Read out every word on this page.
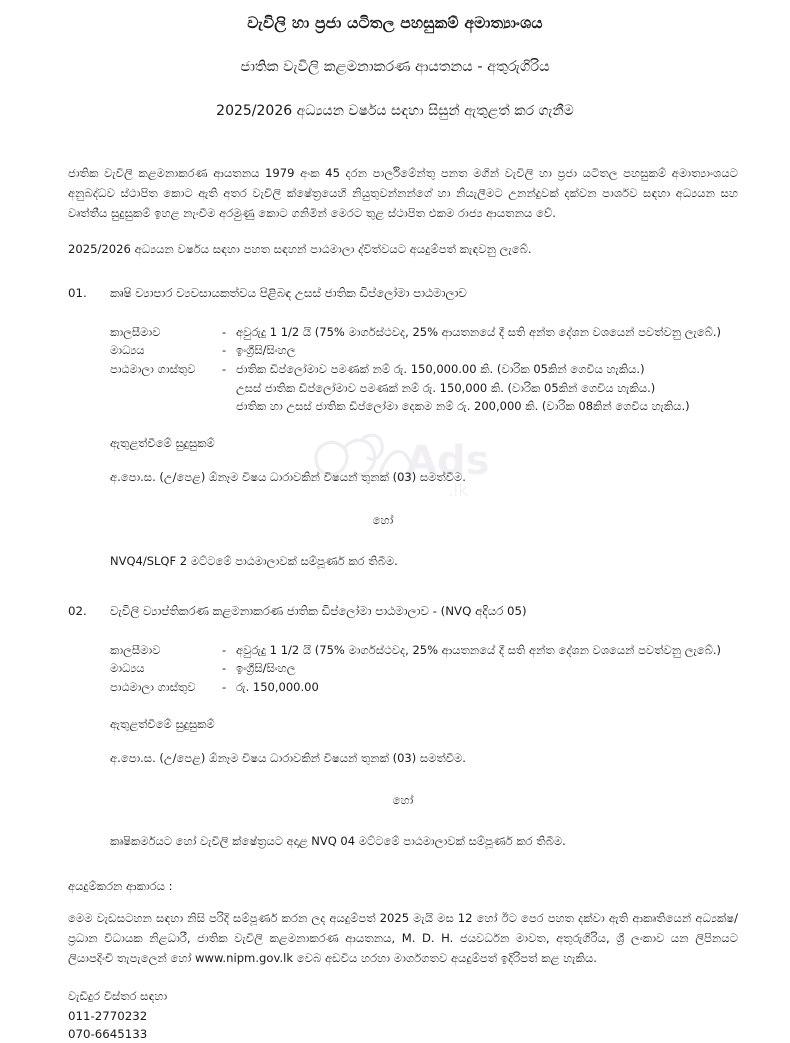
Ads
.lk
වැවිලි හා ප්‍රජා යටිතල පහසුකම් අමාත්‍යාංශය
ජාතික වැවිලි කළමනාකරණ ආයතනය - අතුරුගිරිය
2025/2026 අධ්‍යයන වර්ෂය සඳහා සිසුන් ඇතුළත් කර ගැනීම

ජාතික වැවිලි කළමනාකරණ ආයතනය 1979 අංක 45 දරන පාර්ලිමේන්තු පනත මගින් වැවිලි හා ප්‍රජා යටිතල පහසුකම් අමාත්‍යාංශයට අනුබද්ධව ස්ථාපිත කොට ඇති අතර වැවිලි ක්ෂේත්‍රයෙහි නියුතුවන්නන්ගේ හා නියැලීමට උනන්දුවක් දක්වන පාර්ශව සඳහා අධ්‍යයන සහ වෘත්තීය සුදුසුකම් ඉහළ නැංවීම අරමුණු කොට ගනිමින් මෙරට තුළ ස්ථාපිත එකම රාජ්‍ය ආයතනය වේ.

2025/2026 අධ්‍යයන වර්ෂය සඳහා පහත සඳහන් පාඨමාලා ද්විත්වයට අයදුම්පත් කැඳවනු ලැබේ.

01.	කෘෂි ව්‍යාපාර ව්‍යවසායකත්වය පිළිබඳ උසස් ජාතික ඩිප්ලෝමා පාඨමාලාව
කාලසීමාව	- අවුරුදු 1 1/2 යි (75% මාර්ගස්ථවද, 25% ආයතනයේ දී සති අන්ත දේශන වශයෙන් පවත්වනු ලැබේ.)
මාධ්‍යය	- ඉංග්‍රීසි/සිංහල
පාඨමාලා ගාස්තුව	- ජාතික ඩිප්ලෝමාව පමණක් නම් රු. 150,000.00 කි. (වාරික 05කින් ගෙවිය හැකිය.)
උසස් ජාතික ඩිප්ලෝමාව පමණක් නම් රු. 150,000 කි. (වාරික 05කින් ගෙවිය හැකිය.)
ජාතික හා උසස් ජාතික ඩිප්ලෝමා දෙකම නම් රු. 200,000 කි. (වාරික 08කින් ගෙවිය හැකිය.)
ඇතුළත්වීමේ සුදුසුකම්
අ.පො.ස. (උ/පෙළ) ඕනෑම විෂය ධාරාවකින් විෂයන් තුනක් (03) සමත්වීම.
හෝ
NVQ4/SLQF 2 මට්ටමේ පාඨමාලාවක් සම්පූර්ණ කර තිබීම.
02.	වැවිලි ව්‍යාප්තිකරණ කළමනාකරණ ජාතික ඩිප්ලෝමා පාඨමාලාව - (NVQ අදියර 05)
කාලසීමාව	- අවුරුදු 1 1/2 යි (75% මාර්ගස්ථවද, 25% ආයතනයේ දී සති අන්ත දේශන වශයෙන් පවත්වනු ලැබේ.)
මාධ්‍යය	- ඉංග්‍රීසි/සිංහල
පාඨමාලා ගාස්තුව	- රු. 150,000.00
ඇතුළත්වීමේ සුදුසුකම්
අ.පො.ස. (උ/පෙළ) ඕනෑම විෂය ධාරාවකින් විෂයන් තුනක් (03) සමත්වීම.
හෝ
කෘෂිකර්මයට හෝ වැවිලි ක්ෂේත්‍රයට අදාළ NVQ 04 මට්ටමේ පාඨමාලාවක් සම්පූර්ණ කර තිබීම.
අයදුම්කරන ආකාරය :

මෙම වැඩසටහන සඳහා නිසි පරිදි සම්පූර්ණ කරන ලද අයදුම්පත් 2025 මැයි මස 12 හෝ ඊට පෙර පහත දක්වා ඇති ආකෘතියෙන් අධ්‍යක්ෂ/ප්‍රධාන විධායක නිළධාරී, ජාතික වැවිලි කළමනාකරණ ආයතනය, M. D. H. ජයවර්ධන මාවත, අතුරුගිරිය, ශ්‍රී ලංකාව යන ලිපිනයට ලියාපදිංචි තැපැලෙන් හෝ www.nipm.gov.lk වෙබ අඩවිය හරහා මාර්ගගතව අයදුම්පත් ඉදිරිපත් කළ හැකිය.

වැඩිදුර විස්තර සඳහා
011-2770232
070-6645133
